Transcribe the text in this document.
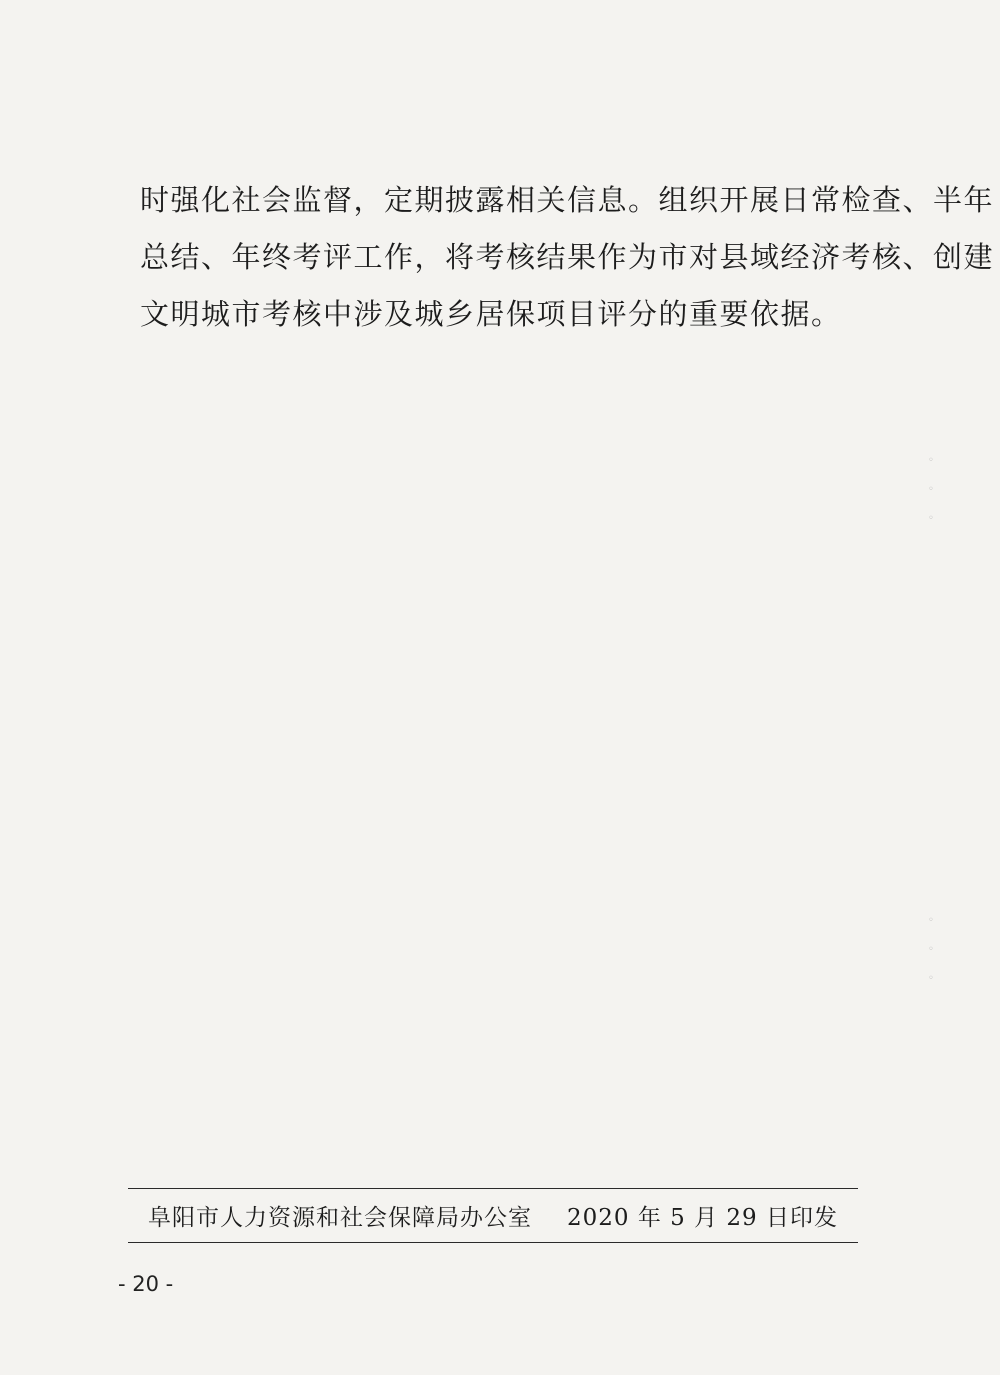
时强化社会监督，定期披露相关信息。组织开展日常检查、半年
总结、年终考评工作，将考核结果作为市对县域经济考核、创建
文明城市考核中涉及城乡居保项目评分的重要依据。

阜阳市人力资源和社会保障局办公室 2020 年 5 月 29 日印发
- 20 -
◦
◦
◦
◦
◦
◦
